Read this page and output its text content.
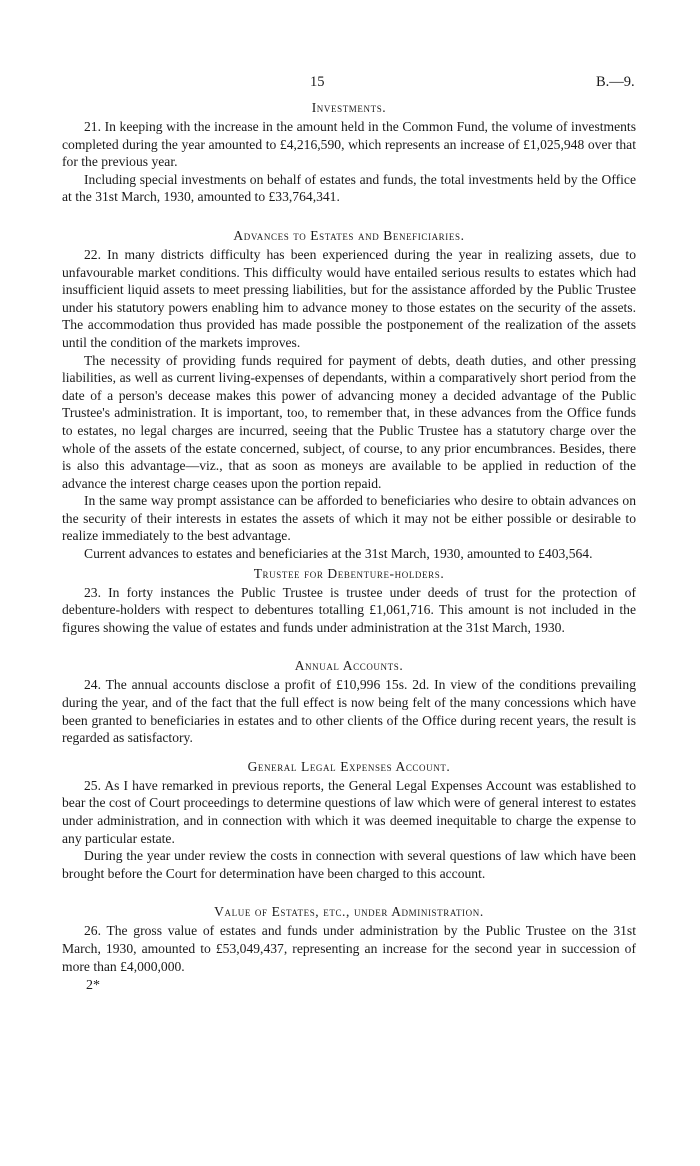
15	B.—9.
Investments.

21. In keeping with the increase in the amount held in the Common Fund, the volume of investments completed during the year amounted to £4,216,590, which represents an increase of £1,025,948 over that for the previous year.

Including special investments on behalf of estates and funds, the total investments held by the Office at the 31st March, 1930, amounted to £33,764,341.

Advances to Estates and Beneficiaries.

22. In many districts difficulty has been experienced during the year in realizing assets, due to unfavourable market conditions. This difficulty would have entailed serious results to estates which had insufficient liquid assets to meet pressing liabilities, but for the assistance afforded by the Public Trustee under his statutory powers enabling him to advance money to those estates on the security of the assets. The accommodation thus provided has made possible the postponement of the realization of the assets until the condition of the markets improves.

The necessity of providing funds required for payment of debts, death duties, and other pressing liabilities, as well as current living-expenses of dependants, within a comparatively short period from the date of a person's decease makes this power of advancing money a decided advantage of the Public Trustee's administration. It is important, too, to remember that, in these advances from the Office funds to estates, no legal charges are incurred, seeing that the Public Trustee has a statutory charge over the whole of the assets of the estate concerned, subject, of course, to any prior encumbrances. Besides, there is also this advantage—viz., that as soon as moneys are available to be applied in reduction of the advance the interest charge ceases upon the portion repaid.

In the same way prompt assistance can be afforded to beneficiaries who desire to obtain advances on the security of their interests in estates the assets of which it may not be either possible or desirable to realize immediately to the best advantage.

Current advances to estates and beneficiaries at the 31st March, 1930, amounted to £403,564.

Trustee for Debenture-holders.

23. In forty instances the Public Trustee is trustee under deeds of trust for the protection of debenture-holders with respect to debentures totalling £1,061,716. This amount is not included in the figures showing the value of estates and funds under administration at the 31st March, 1930.

Annual Accounts.

24. The annual accounts disclose a profit of £10,996 15s. 2d. In view of the conditions prevailing during the year, and of the fact that the full effect is now being felt of the many concessions which have been granted to beneficiaries in estates and to other clients of the Office during recent years, the result is regarded as satisfactory.

General Legal Expenses Account.

25. As I have remarked in previous reports, the General Legal Expenses Account was established to bear the cost of Court proceedings to determine questions of law which were of general interest to estates under administration, and in connection with which it was deemed inequitable to charge the expense to any particular estate.

During the year under review the costs in connection with several questions of law which have been brought before the Court for determination have been charged to this account.

Value of Estates, etc., under Administration.

26. The gross value of estates and funds under administration by the Public Trustee on the 31st March, 1930, amounted to £53,049,437, representing an increase for the second year in succession of more than £4,000,000.

2*
